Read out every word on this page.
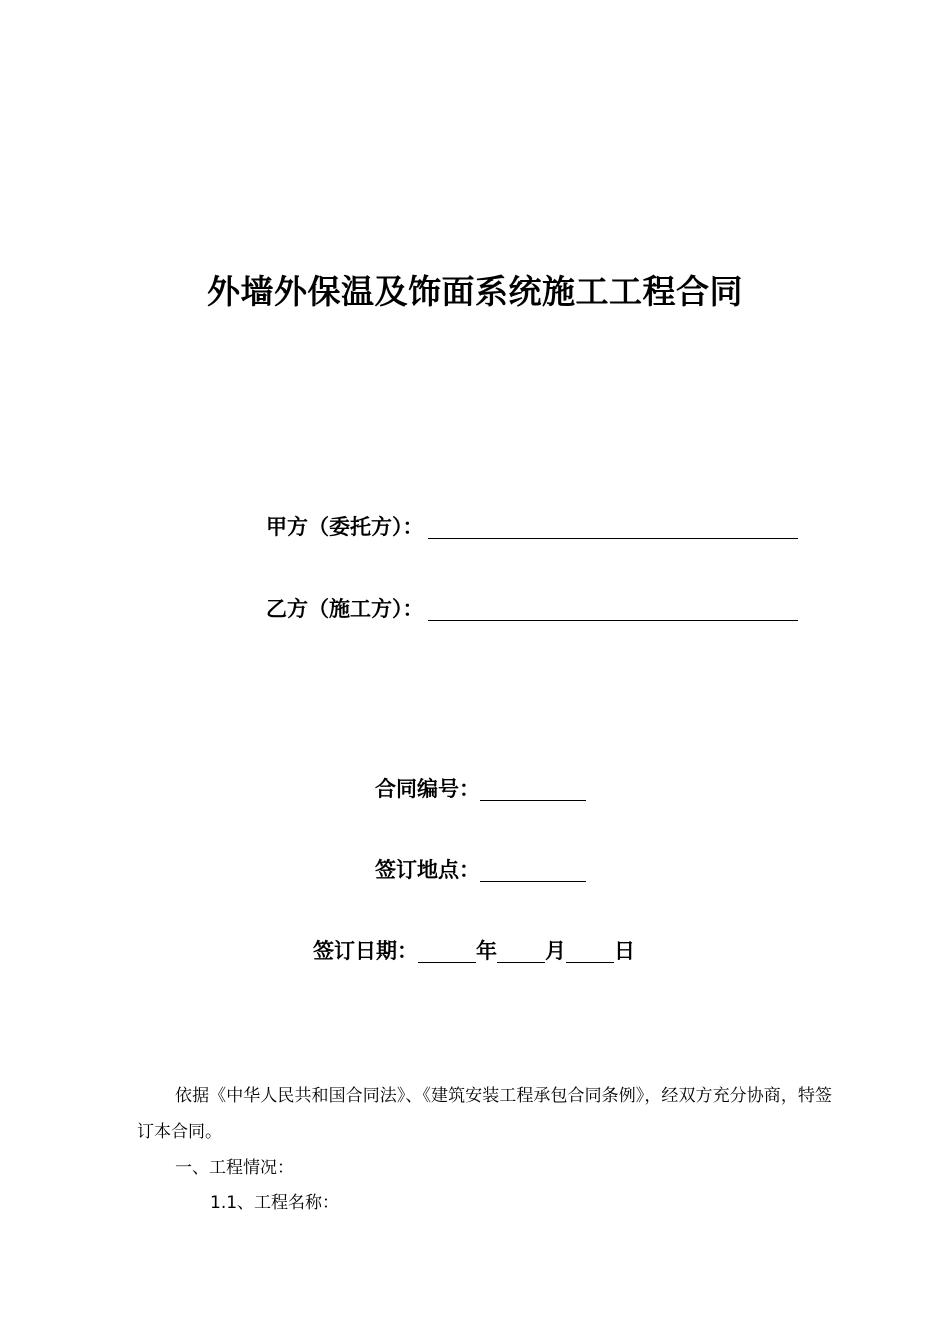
外墙外保温及饰面系统施工工程合同
甲方（委托方）：
乙方（施工方）：
合同编号：
签订地点：
签订日期：	年 月 日
依据《中华人民共和国合同法》、《建筑安装工程承包合同条例》，经双方充分协商，特签订本合同。
一、工程情况：
1.1、工程名称：
